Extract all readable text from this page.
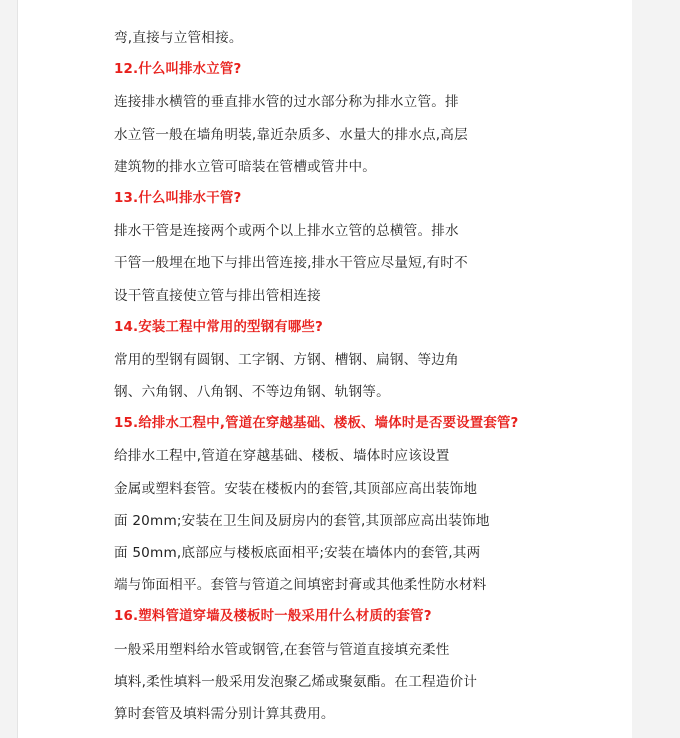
弯,直接与立管相接。
12.什么叫排水立管?
连接排水横管的垂直排水管的过水部分称为排水立管。排
水立管一般在墙角明装,靠近杂质多、水量大的排水点,高层
建筑物的排水立管可暗装在管槽或管井中。
13.什么叫排水干管?
排水干管是连接两个或两个以上排水立管的总横管。排水
干管一般埋在地下与排出管连接,排水干管应尽量短,有时不
设干管直接使立管与排出管相连接
14.安装工程中常用的型钢有哪些?
常用的型钢有圆钢、工字钢、方钢、槽钢、扁钢、等边角
钢、六角钢、八角钢、不等边角钢、轨钢等。
15.给排水工程中,管道在穿越基础、楼板、墙体时是否要设置套管?
给排水工程中,管道在穿越基础、楼板、墙体时应该设置
金属或塑料套管。安装在楼板内的套管,其顶部应高出装饰地
面 20mm;安装在卫生间及厨房内的套管,其顶部应高出装饰地
面 50mm,底部应与楼板底面相平;安装在墙体内的套管,其两
端与饰面相平。套管与管道之间填密封膏或其他柔性防水材料
16.塑料管道穿墙及楼板时一般采用什么材质的套管?
一般采用塑料给水管或钢管,在套管与管道直接填充柔性
填料,柔性填料一般采用发泡聚乙烯或聚氨酯。在工程造价计
算时套管及填料需分别计算其费用。
